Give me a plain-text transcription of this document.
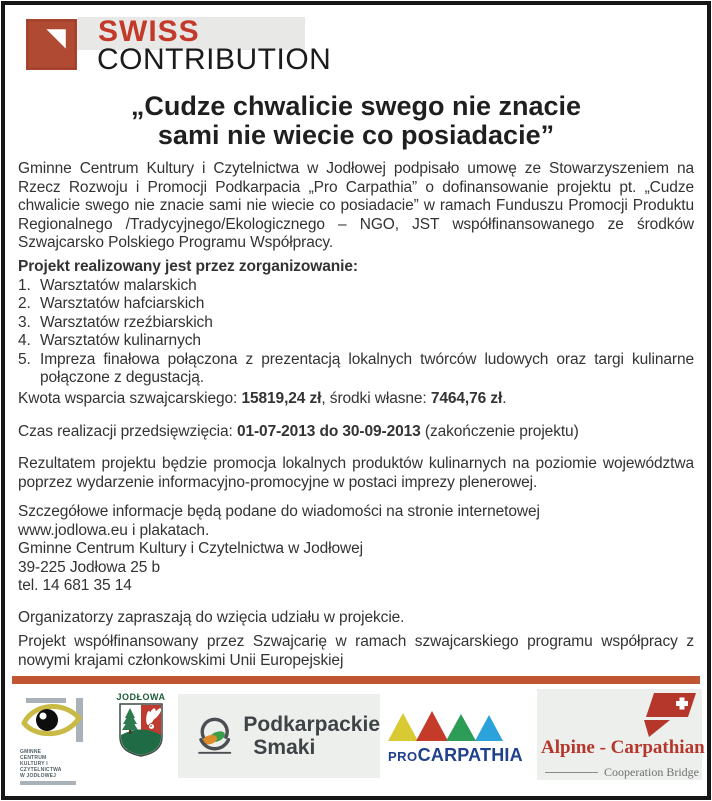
SWISS
CONTRIBUTION
„Cudze chwalicie swego nie znacie
sami nie wiecie co posiadacie”
Gminne Centrum Kultury i Czytelnictwa w Jodłowej podpisało umowę ze Stowarzyszeniem na Rzecz Rozwoju i Promocji Podkarpacia „Pro Carpathia” o dofinansowanie projektu pt. „Cudze chwalicie swego nie znacie sami nie wiecie co posiadacie” w ramach Funduszu Promocji Produktu Regionalnego /Tradycyjnego/Ekologicznego – NGO, JST współfinansowanego ze środków Szwajcarsko Polskiego Programu Współpracy.
Projekt realizowany jest przez zorganizowanie:
1. Warsztatów malarskich
2. Warsztatów hafciarskich
3. Warsztatów rzeźbiarskich
4. Warsztatów kulinarnych
5. Impreza finałowa połączona z prezentacją lokalnych twórców ludowych oraz targi kulinarne połączone z degustacją.
Kwota wsparcia szwajcarskiego: 15819,24 zł, środki własne: 7464,76 zł.
Czas realizacji przedsięwzięcia: 01-07-2013 do 30-09-2013 (zakończenie projektu)
Rezultatem projektu będzie promocja lokalnych produktów kulinarnych na poziomie województwa poprzez wydarzenie informacyjno-promocyjne w postaci imprezy plenerowej.
Szczegółowe informacje będą podane do wiadomości na stronie internetowej
www.jodlowa.eu i plakatach.
Gminne Centrum Kultury i Czytelnictwa w Jodłowej
39-225 Jodłowa 25 b
tel. 14 681 35 14
Organizatorzy zapraszają do wzięcia udziału w projekcie.
Projekt współfinansowany przez Szwajcarię w ramach szwajcarskiego programu współpracy z nowymi krajami członkowskimi Unii Europejskiej
GMINNE
CENTRUM
KULTURY I
CZYTELNICTWA
W JODŁOWEJ
JODŁOWA
Podkarpackie
Smaki	PRO CARPATHIA Alpine - Carpathian
Cooperation Bridge
